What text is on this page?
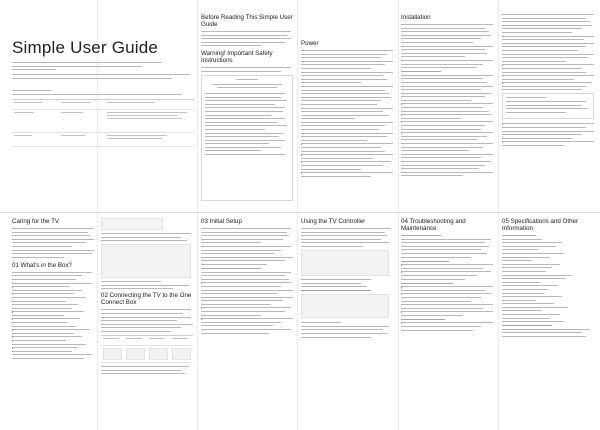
Simple User Guide
·
Before Reading This Simple User Guide
Warning! Important Safety Instructions
Power
Installation
Caring for the TV
01 What's in the Box?
02 Connecting the TV to the One Connect Box
03 Initial Setup	Using the TV Controller	04 Troubleshooting and Maintenance
05 Specifications and Other Information
